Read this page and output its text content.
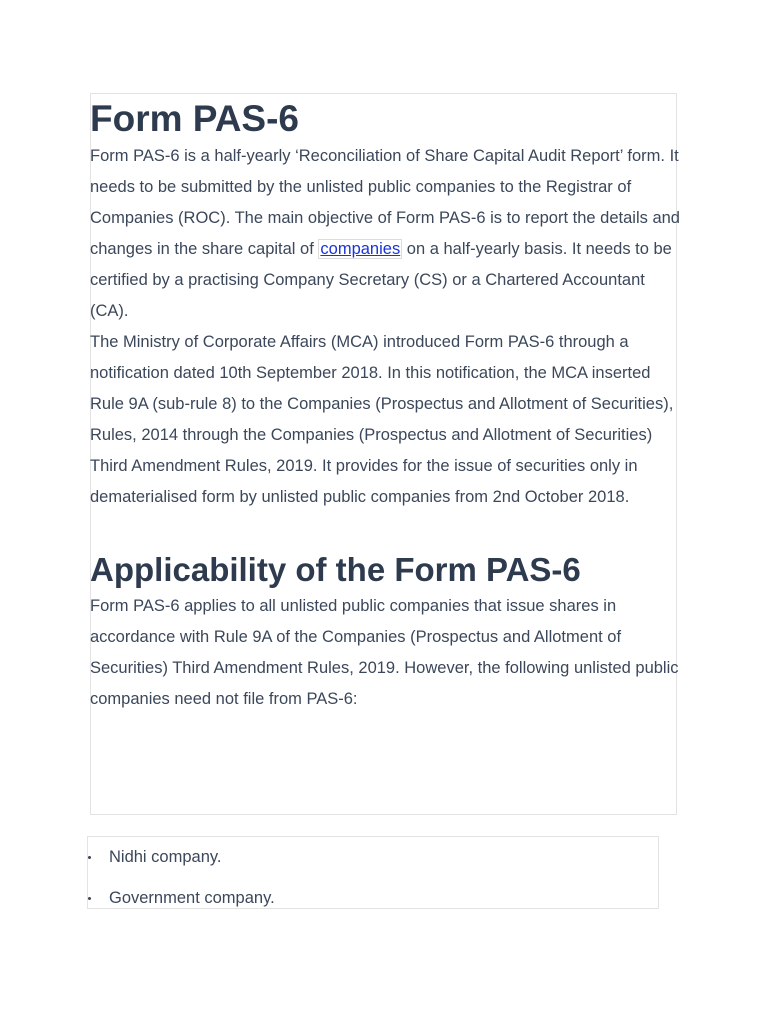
Form PAS-6

Form PAS-6 is a half-yearly ‘Reconciliation of Share Capital Audit Report’ form. It needs to be submitted by the unlisted public companies to the Registrar of Companies (ROC). The main objective of Form PAS-6 is to report the details and changes in the share capital of companies on a half-yearly basis. It needs to be certified by a practising Company Secretary (CS) or a Chartered Accountant (CA).

The Ministry of Corporate Affairs (MCA) introduced Form PAS-6 through a notification dated 10th September 2018. In this notification, the MCA inserted Rule 9A (sub-rule 8) to the Companies (Prospectus and Allotment of Securities), Rules, 2014 through the Companies (Prospectus and Allotment of Securities) Third Amendment Rules, 2019. It provides for the issue of securities only in dematerialised form by unlisted public companies from 2nd October 2018.

Applicability of the Form PAS-6

Form PAS-6 applies to all unlisted public companies that issue shares in accordance with Rule 9A of the Companies (Prospectus and Allotment of Securities) Third Amendment Rules, 2019. However, the following unlisted public companies need not file from PAS-6:

Nidhi company.
Government company.
